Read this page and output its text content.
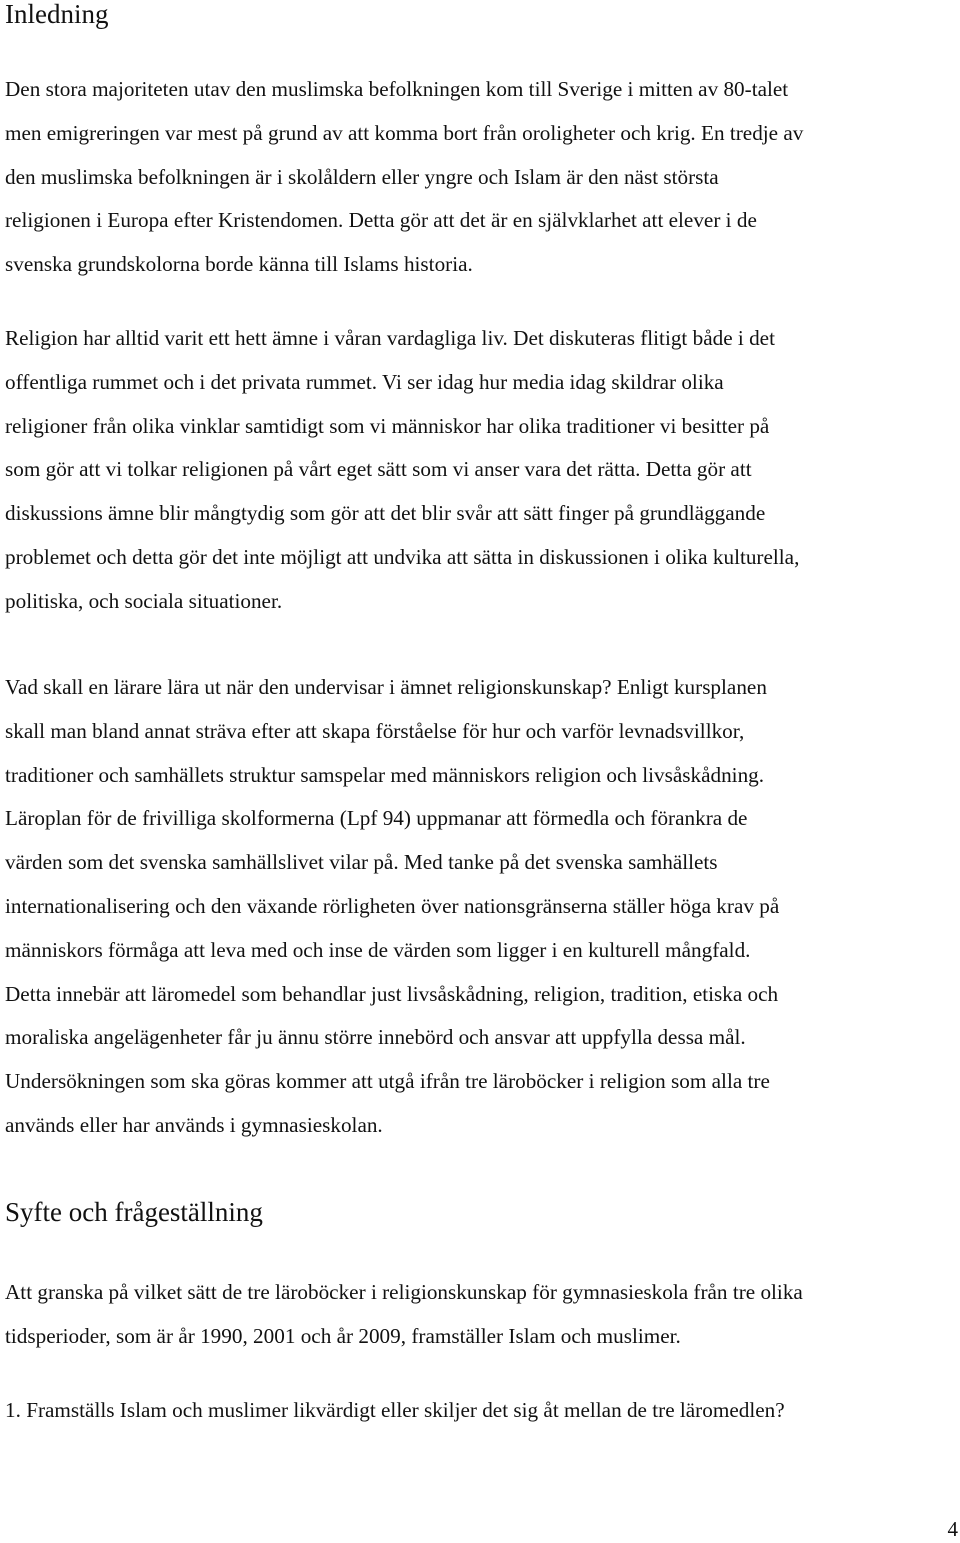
Inledning
Den stora majoriteten utav den muslimska befolkningen kom till Sverige i mitten av 80-talet
men emigreringen var mest på grund av att komma bort från oroligheter och krig. En tredje av
den muslimska befolkningen är i skolåldern eller yngre och Islam är den näst största
religionen i Europa efter Kristendomen. Detta gör att det är en självklarhet att elever i de
svenska grundskolorna borde känna till Islams historia.
Religion har alltid varit ett hett ämne i våran vardagliga liv. Det diskuteras flitigt både i det
offentliga rummet och i det privata rummet. Vi ser idag hur media idag skildrar olika
religioner från olika vinklar samtidigt som vi människor har olika traditioner vi besitter på
som gör att vi tolkar religionen på vårt eget sätt som vi anser vara det rätta. Detta gör att
diskussions ämne blir mångtydig som gör att det blir svår att sätt finger på grundläggande
problemet och detta gör det inte möjligt att undvika att sätta in diskussionen i olika kulturella,
politiska, och sociala situationer.
Vad skall en lärare lära ut när den undervisar i ämnet religionskunskap? Enligt kursplanen
skall man bland annat sträva efter att skapa förståelse för hur och varför levnadsvillkor,
traditioner och samhällets struktur samspelar med människors religion och livsåskådning.
Läroplan för de frivilliga skolformerna (Lpf 94) uppmanar att förmedla och förankra de
värden som det svenska samhällslivet vilar på. Med tanke på det svenska samhällets
internationalisering och den växande rörligheten över nationsgränserna ställer höga krav på
människors förmåga att leva med och inse de värden som ligger i en kulturell mångfald.
Detta innebär att läromedel som behandlar just livsåskådning, religion, tradition, etiska och
moraliska angelägenheter får ju ännu större innebörd och ansvar att uppfylla dessa mål.
Undersökningen som ska göras kommer att utgå ifrån tre läroböcker i religion som alla tre
används eller har används i gymnasieskolan.
Syfte och frågeställning
Att granska på vilket sätt de tre läroböcker i religionskunskap för gymnasieskola från tre olika
tidsperioder, som är år 1990, 2001 och år 2009, framställer Islam och muslimer.
1. Framställs Islam och muslimer likvärdigt eller skiljer det sig åt mellan de tre läromedlen?
4
